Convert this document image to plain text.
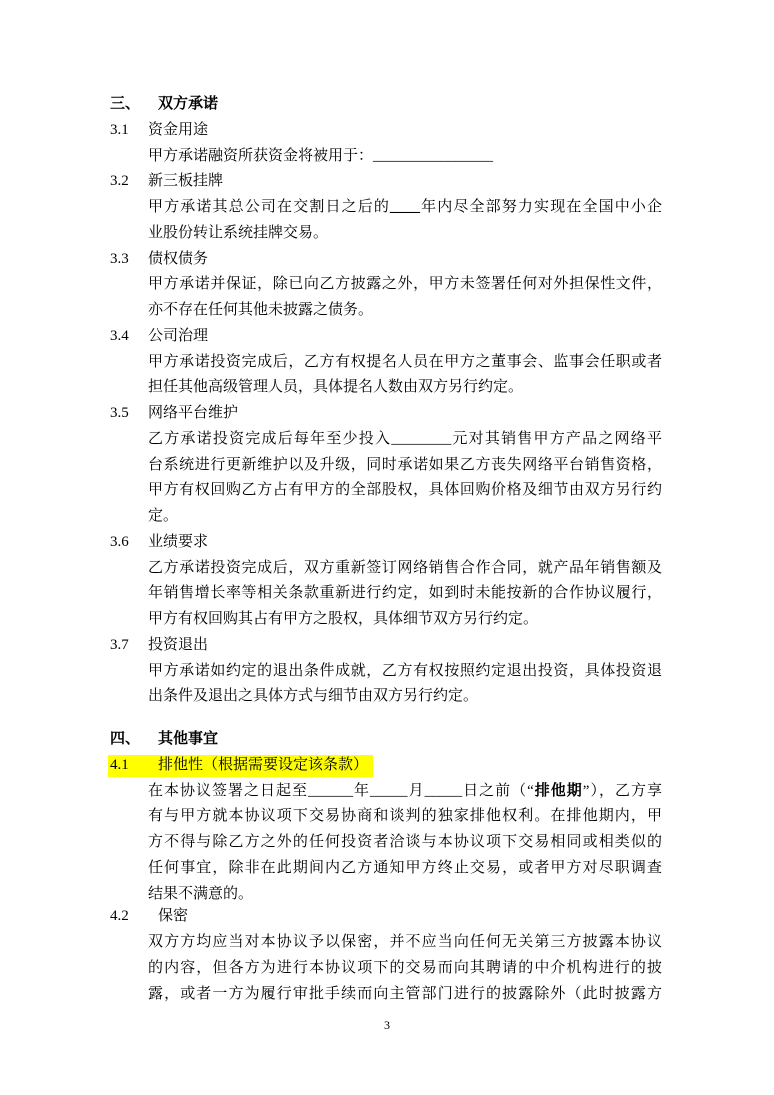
三、 双方承诺
3.1 资金用途
甲方承诺融资所获资金将被用于：________________
3.2 新三板挂牌
甲方承诺其总公司在交割日之后的____年内尽全部努力实现在全国中小企
业股份转让系统挂牌交易。
3.3 债权债务
甲方承诺并保证，除已向乙方披露之外，甲方未签署任何对外担保性文件，
亦不存在任何其他未披露之债务。
3.4 公司治理
甲方承诺投资完成后，乙方有权提名人员在甲方之董事会、监事会任职或者
担任其他高级管理人员，具体提名人数由双方另行约定。
3.5 网络平台维护
乙方承诺投资完成后每年至少投入________元对其销售甲方产品之网络平
台系统进行更新维护以及升级，同时承诺如果乙方丧失网络平台销售资格，
甲方有权回购乙方占有甲方的全部股权，具体回购价格及细节由双方另行约
定。
3.6 业绩要求
乙方承诺投资完成后，双方重新签订网络销售合作合同，就产品年销售额及
年销售增长率等相关条款重新进行约定，如到时未能按新的合作协议履行，
甲方有权回购其占有甲方之股权，具体细节双方另行约定。
3.7 投资退出
甲方承诺如约定的退出条件成就，乙方有权按照约定退出投资，具体投资退
出条件及退出之具体方式与细节由双方另行约定。
四、 其他事宜
4.1 排他性（根据需要设定该条款）
在本协议签署之日起至______年_____月_____日之前（“排他期”），乙方享
有与甲方就本协议项下交易协商和谈判的独家排他权利。在排他期内，甲
方不得与除乙方之外的任何投资者洽谈与本协议项下交易相同或相类似的
任何事宜，除非在此期间内乙方通知甲方终止交易，或者甲方对尽职调查
结果不满意的。
4.2 保密
双方方均应当对本协议予以保密，并不应当向任何无关第三方披露本协议
的内容，但各方为进行本协议项下的交易而向其聘请的中介机构进行的披
露，或者一方为履行审批手续而向主管部门进行的披露除外（此时披露方
3
